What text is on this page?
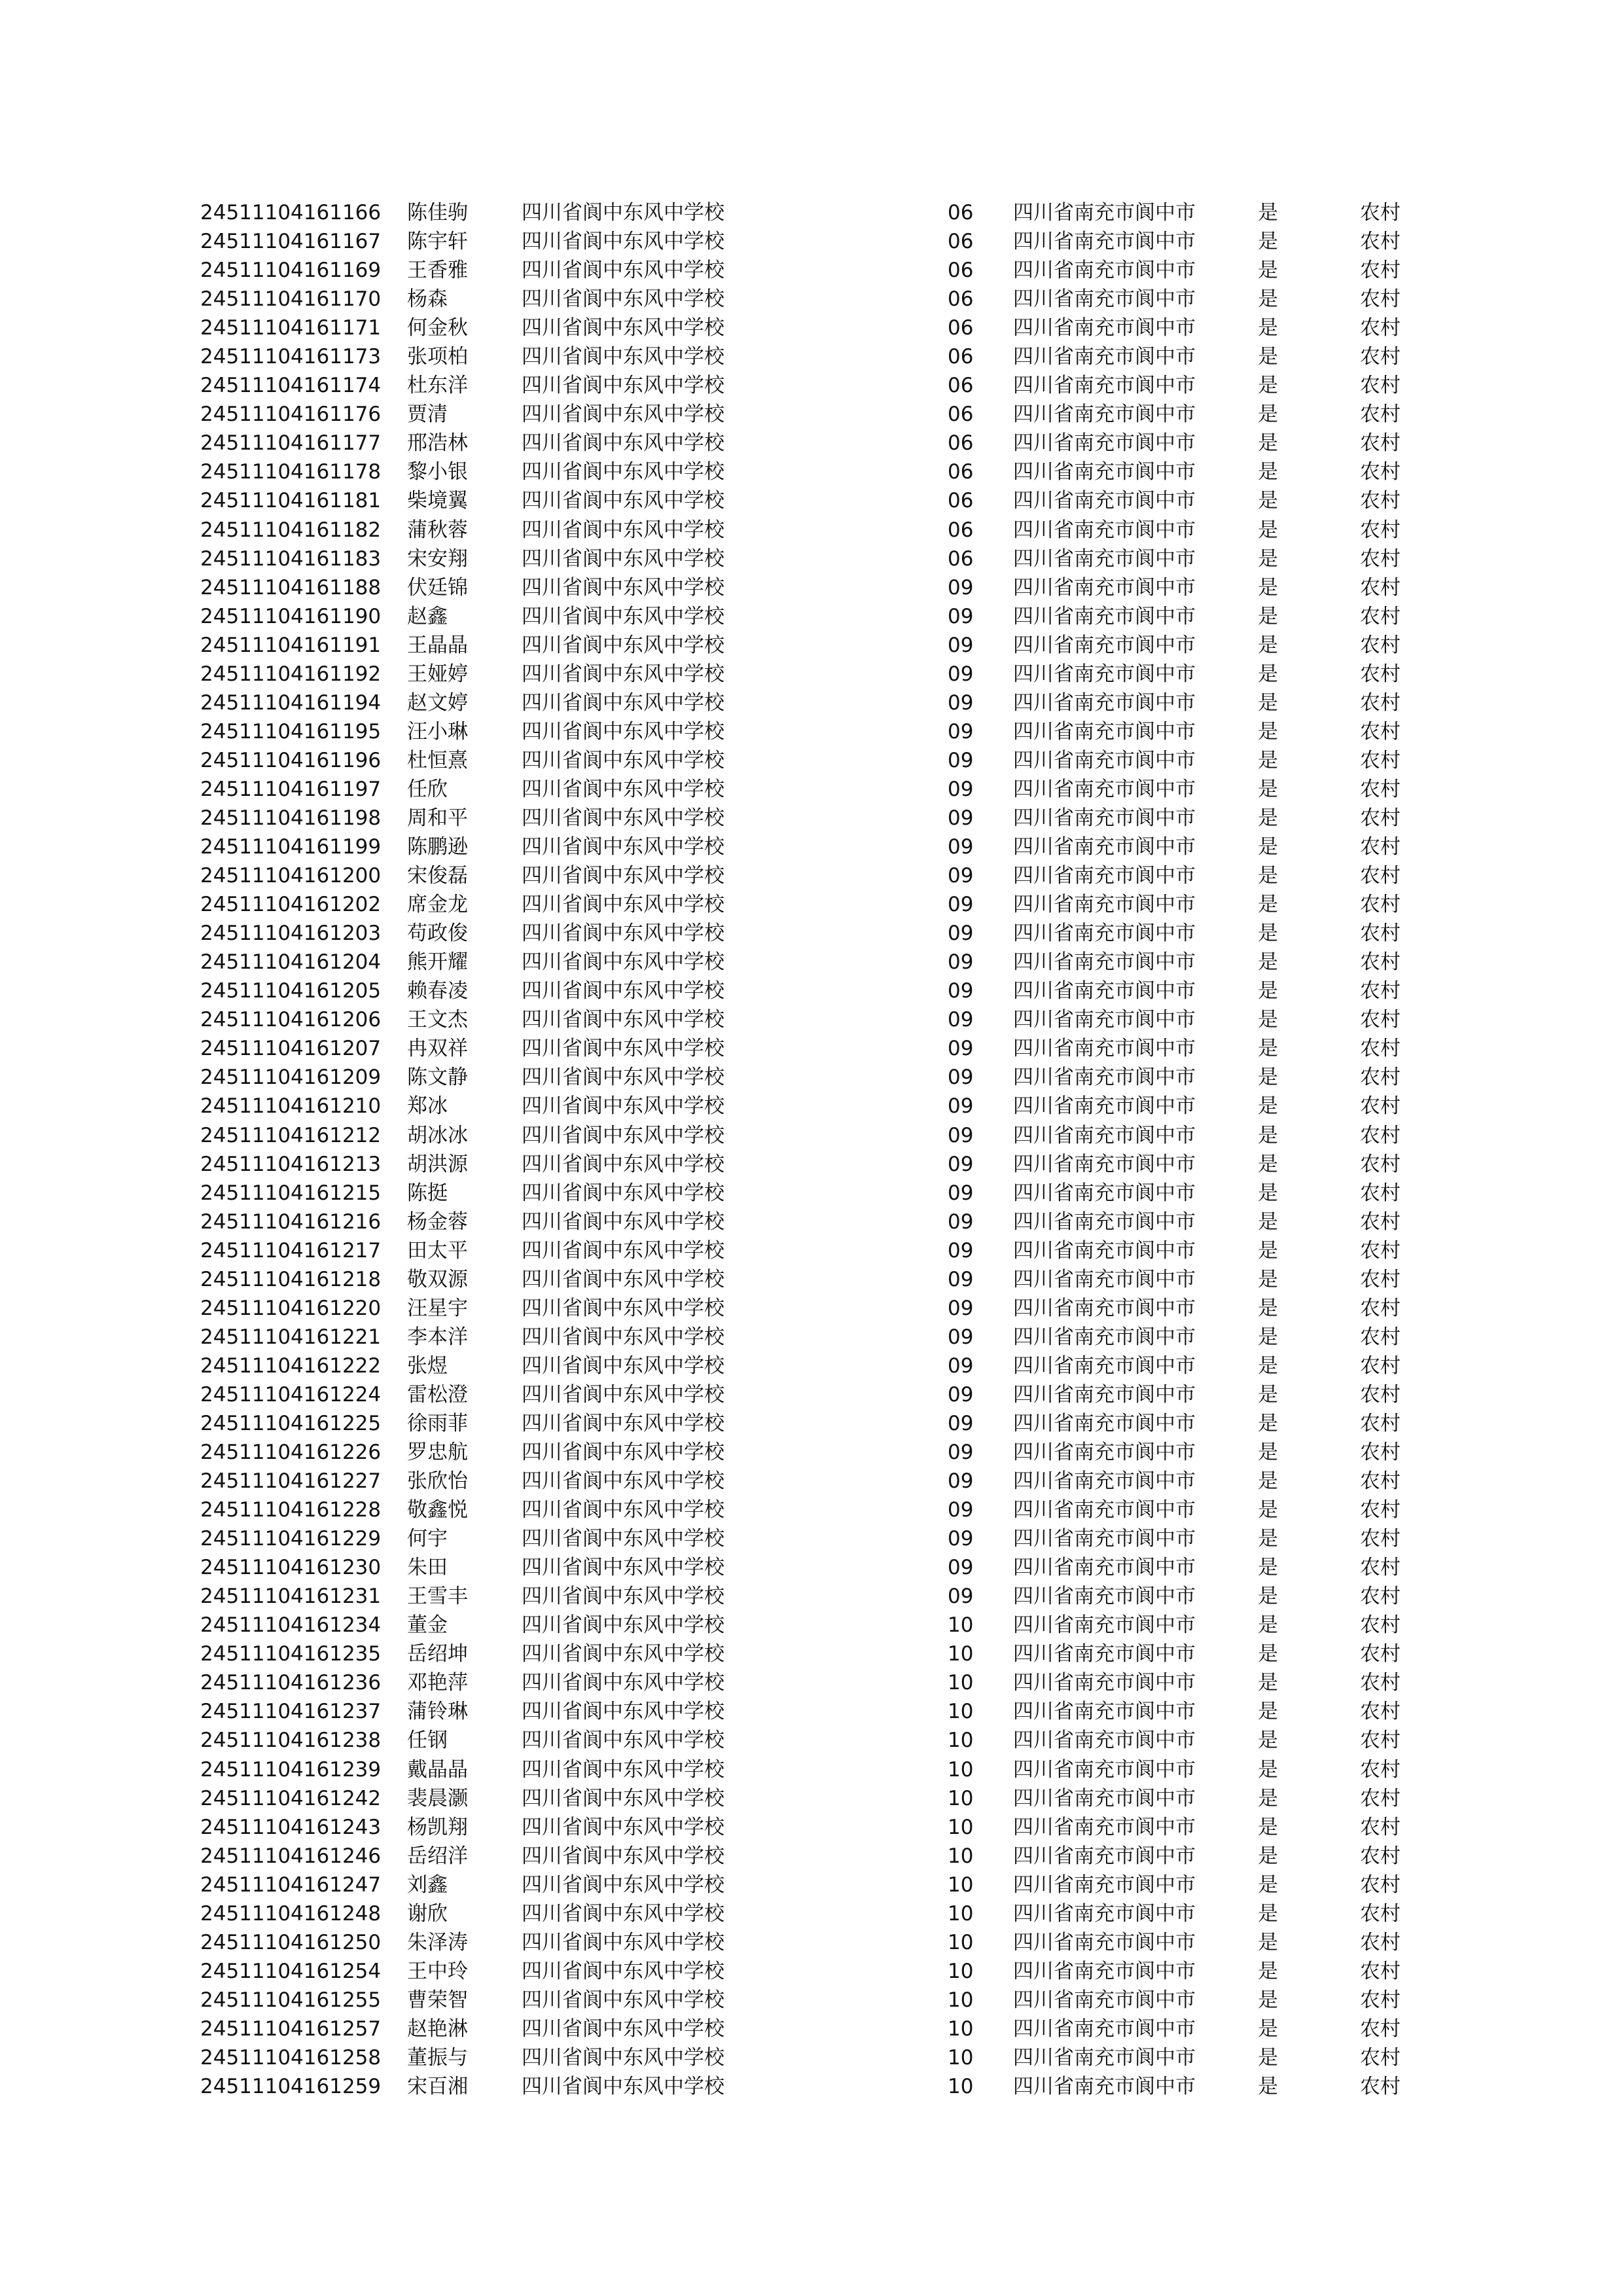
24511104161166 陈佳驹	四川省阆中东风中学校	06 四川省南充市阆中市	是	农村
24511104161167 陈宇轩	四川省阆中东风中学校	06 四川省南充市阆中市	是	农村
24511104161169 王香雅	四川省阆中东风中学校	06 四川省南充市阆中市	是	农村
24511104161170 杨森	四川省阆中东风中学校	06 四川省南充市阆中市	是	农村
24511104161171 何金秋	四川省阆中东风中学校	06 四川省南充市阆中市	是	农村
24511104161173 张项柏	四川省阆中东风中学校	06 四川省南充市阆中市	是	农村
24511104161174 杜东洋	四川省阆中东风中学校	06 四川省南充市阆中市	是	农村
24511104161176 贾清	四川省阆中东风中学校	06 四川省南充市阆中市	是	农村
24511104161177 邢浩林	四川省阆中东风中学校	06 四川省南充市阆中市	是	农村
24511104161178 黎小银	四川省阆中东风中学校	06 四川省南充市阆中市	是	农村
24511104161181 柴境翼	四川省阆中东风中学校	06 四川省南充市阆中市	是	农村
24511104161182 蒲秋蓉	四川省阆中东风中学校	06 四川省南充市阆中市	是	农村
24511104161183 宋安翔	四川省阆中东风中学校	06 四川省南充市阆中市	是	农村
24511104161188 伏廷锦	四川省阆中东风中学校	09 四川省南充市阆中市	是	农村
24511104161190 赵鑫	四川省阆中东风中学校	09 四川省南充市阆中市	是	农村
24511104161191 王晶晶	四川省阆中东风中学校	09 四川省南充市阆中市	是	农村
24511104161192 王娅婷	四川省阆中东风中学校	09 四川省南充市阆中市	是	农村
24511104161194 赵文婷	四川省阆中东风中学校	09 四川省南充市阆中市	是	农村
24511104161195 汪小琳	四川省阆中东风中学校	09 四川省南充市阆中市	是	农村
24511104161196 杜恒熹	四川省阆中东风中学校	09 四川省南充市阆中市	是	农村
24511104161197 任欣	四川省阆中东风中学校	09 四川省南充市阆中市	是	农村
24511104161198 周和平	四川省阆中东风中学校	09 四川省南充市阆中市	是	农村
24511104161199 陈鹏逊	四川省阆中东风中学校	09 四川省南充市阆中市	是	农村
24511104161200 宋俊磊	四川省阆中东风中学校	09 四川省南充市阆中市	是	农村
24511104161202 席金龙	四川省阆中东风中学校	09 四川省南充市阆中市	是	农村
24511104161203 苟政俊	四川省阆中东风中学校	09 四川省南充市阆中市	是	农村
24511104161204 熊开耀	四川省阆中东风中学校	09 四川省南充市阆中市	是	农村
24511104161205 赖春凌	四川省阆中东风中学校	09 四川省南充市阆中市	是	农村
24511104161206 王文杰	四川省阆中东风中学校	09 四川省南充市阆中市	是	农村
24511104161207 冉双祥	四川省阆中东风中学校	09 四川省南充市阆中市	是	农村
24511104161209 陈文静	四川省阆中东风中学校	09 四川省南充市阆中市	是	农村
24511104161210 郑冰	四川省阆中东风中学校	09 四川省南充市阆中市	是	农村
24511104161212 胡冰冰	四川省阆中东风中学校	09 四川省南充市阆中市	是	农村
24511104161213 胡洪源	四川省阆中东风中学校	09 四川省南充市阆中市	是	农村
24511104161215 陈挺	四川省阆中东风中学校	09 四川省南充市阆中市	是	农村
24511104161216 杨金蓉	四川省阆中东风中学校	09 四川省南充市阆中市	是	农村
24511104161217 田太平	四川省阆中东风中学校	09 四川省南充市阆中市	是	农村
24511104161218 敬双源	四川省阆中东风中学校	09 四川省南充市阆中市	是	农村
24511104161220 汪星宇	四川省阆中东风中学校	09 四川省南充市阆中市	是	农村
24511104161221 李本洋	四川省阆中东风中学校	09 四川省南充市阆中市	是	农村
24511104161222 张煜	四川省阆中东风中学校	09 四川省南充市阆中市	是	农村
24511104161224 雷松澄	四川省阆中东风中学校	09 四川省南充市阆中市	是	农村
24511104161225 徐雨菲	四川省阆中东风中学校	09 四川省南充市阆中市	是	农村
24511104161226 罗忠航	四川省阆中东风中学校	09 四川省南充市阆中市	是	农村
24511104161227 张欣怡	四川省阆中东风中学校	09 四川省南充市阆中市	是	农村
24511104161228 敬鑫悦	四川省阆中东风中学校	09 四川省南充市阆中市	是	农村
24511104161229 何宇	四川省阆中东风中学校	09 四川省南充市阆中市	是	农村
24511104161230 朱田	四川省阆中东风中学校	09 四川省南充市阆中市	是	农村
24511104161231 王雪丰	四川省阆中东风中学校	09 四川省南充市阆中市	是	农村
24511104161234 董金	四川省阆中东风中学校	10 四川省南充市阆中市	是	农村
24511104161235 岳绍坤	四川省阆中东风中学校	10 四川省南充市阆中市	是	农村
24511104161236 邓艳萍	四川省阆中东风中学校	10 四川省南充市阆中市	是	农村
24511104161237 蒲铃琳	四川省阆中东风中学校	10 四川省南充市阆中市	是	农村
24511104161238 任钢	四川省阆中东风中学校	10 四川省南充市阆中市	是	农村
24511104161239 戴晶晶	四川省阆中东风中学校	10 四川省南充市阆中市	是	农村
24511104161242 裴晨灏	四川省阆中东风中学校	10 四川省南充市阆中市	是	农村
24511104161243 杨凯翔	四川省阆中东风中学校	10 四川省南充市阆中市	是	农村
24511104161246 岳绍洋	四川省阆中东风中学校	10 四川省南充市阆中市	是	农村
24511104161247 刘鑫	四川省阆中东风中学校	10 四川省南充市阆中市	是	农村
24511104161248 谢欣	四川省阆中东风中学校	10 四川省南充市阆中市	是	农村
24511104161250 朱泽涛	四川省阆中东风中学校	10 四川省南充市阆中市	是	农村
24511104161254 王中玲	四川省阆中东风中学校	10 四川省南充市阆中市	是	农村
24511104161255 曹荣智	四川省阆中东风中学校	10 四川省南充市阆中市	是	农村
24511104161257 赵艳淋	四川省阆中东风中学校	10 四川省南充市阆中市	是	农村
24511104161258 董振与	四川省阆中东风中学校	10 四川省南充市阆中市	是	农村
24511104161259 宋百湘	四川省阆中东风中学校	10 四川省南充市阆中市	是	农村
